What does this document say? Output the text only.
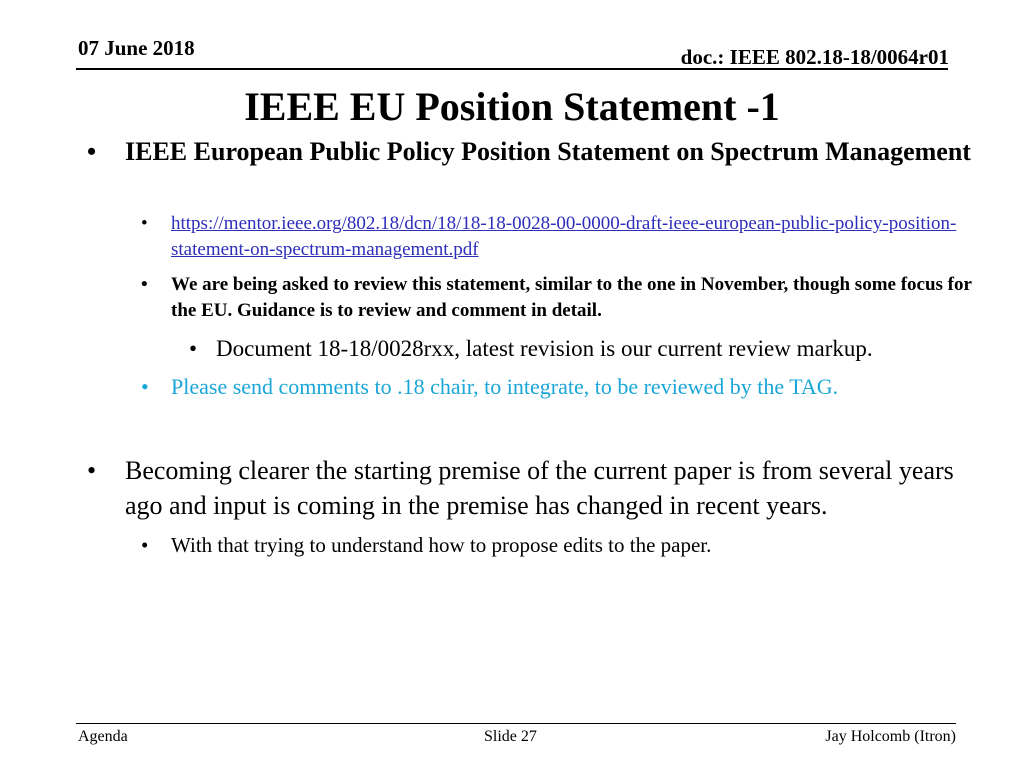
07 June 2018	doc.: IEEE 802.18-18/0064r01
IEEE EU Position Statement -1
• IEEE European Public Policy Position Statement on Spectrum Management
• https://mentor.ieee.org/802.18/dcn/18/18-18-0028-00-0000-draft-ieee-european-public-policy-position-statement-on-spectrum-management.pdf
• We are being asked to review this statement, similar to the one in November, though some focus for the EU. Guidance is to review and comment in detail.
• Document 18-18/0028rxx, latest revision is our current review markup.
• Please send comments to .18 chair, to integrate, to be reviewed by the TAG.
• Becoming clearer the starting premise of the current paper is from several years ago and input is coming in the premise has changed in recent years.
• With that trying to understand how to propose edits to the paper.
Agenda	Slide 27	Jay Holcomb (Itron)
